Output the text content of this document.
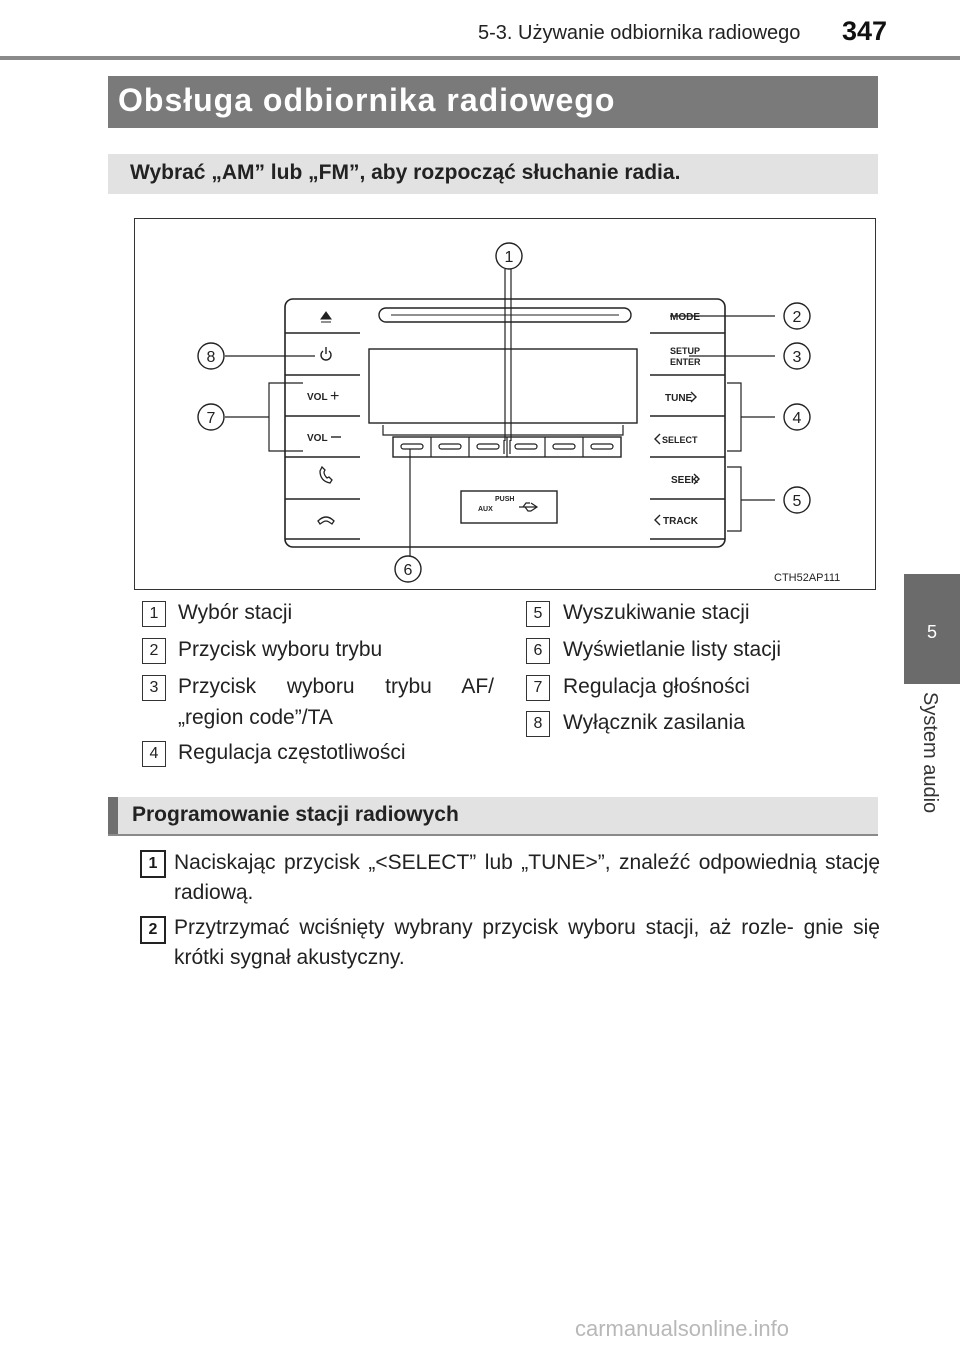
5-3. Używanie odbiornika radiowego 347
5
System audio
Obsługa odbiornika radiowego
Wybrać „AM” lub „FM”, aby rozpocząć słuchanie radia.
VOL +
VOL
MODE
SETUP
ENTER
TUNE
SELECT
SEEK
TRACK
PUSH
AUX
1
2
3
4
5
6
7
8
CTH52AP111
1 Wybór stacji
2 Przycisk wyboru trybu
3 Przycisk wyboru trybu AF/
„region code”/TA
4 Regulacja częstotliwości
5 Wyszukiwanie stacji
6 Wyświetlanie listy stacji
7 Regulacja głośności
8 Wyłącznik zasilania
Programowanie stacji radiowych
1 Naciskając przycisk „<SELECT” lub „TUNE>”, znaleźć odpowiednią stację radiową.
2 Przytrzymać wciśnięty wybrany przycisk wyboru stacji, aż rozle- gnie się krótki sygnał akustyczny.
carmanualsonline.info
